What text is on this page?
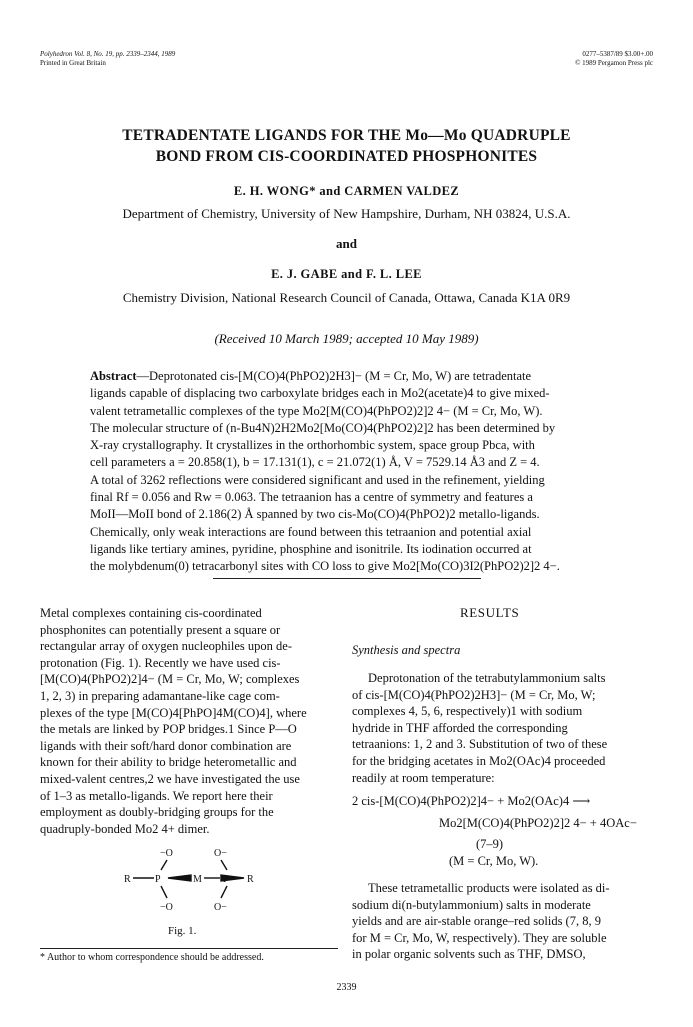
Polyhedron Vol. 8, No. 19, pp. 2339–2344, 1989
Printed in Great Britain
0277–5387/89 $3.00+.00
© 1989 Pergamon Press plc
TETRADENTATE LIGANDS FOR THE Mo—Mo QUADRUPLE
BOND FROM CIS-COORDINATED PHOSPHONITES
E. H. WONG* and CARMEN VALDEZ
Department of Chemistry, University of New Hampshire, Durham, NH 03824, U.S.A.
and
E. J. GABE and F. L. LEE
Chemistry Division, National Research Council of Canada, Ottawa, Canada K1A 0R9
(Received 10 March 1989; accepted 10 May 1989)
Abstract—Deprotonated cis-[M(CO)4(PhPO2)2H3]− (M = Cr, Mo, W) are tetradentate
ligands capable of displacing two carboxylate bridges each in Mo2(acetate)4 to give mixed-
valent tetrametallic complexes of the type Mo2[M(CO)4(PhPO2)2]2 4− (M = Cr, Mo, W).
The molecular structure of (n-Bu4N)2H2Mo2[Mo(CO)4(PhPO2)2]2 has been determined by
X-ray crystallography. It crystallizes in the orthorhombic system, space group Pbca, with
cell parameters a = 20.858(1), b = 17.131(1), c = 21.072(1) Å, V = 7529.14 Å3 and Z = 4.
A total of 3262 reflections were considered significant and used in the refinement, yielding
final Rf = 0.056 and Rw = 0.063. The tetraanion has a centre of symmetry and features a
MoII—MoII bond of 2.186(2) Å spanned by two cis-Mo(CO)4(PhPO2)2 metallo-ligands.
Chemically, only weak interactions are found between this tetraanion and potential axial
ligands like tertiary amines, pyridine, phosphine and isonitrile. Its iodination occurred at
the molybdenum(0) tetracarbonyl sites with CO loss to give Mo2[Mo(CO)3I2(PhPO2)2]2 4−.
Metal complexes containing cis-coordinated
phosphonites can potentially present a square or
rectangular array of oxygen nucleophiles upon de-
protonation (Fig. 1). Recently we have used cis-
[M(CO)4(PhPO2)2]4− (M = Cr, Mo, W; complexes
1, 2, 3) in preparing adamantane-like cage com-
plexes of the type [M(CO)4[PhPO]4M(CO)4], where
the metals are linked by POP bridges.1 Since P—O
ligands with their soft/hard donor combination are
known for their ability to bridge heterometallic and
mixed-valent centres,2 we have investigated the use
of 1–3 as metallo-ligands. We report here their
employment as doubly-bridging groups for the
quadruply-bonded Mo2 4+ dimer.
−O	O−
−O	O−
R P	M P R
Fig. 1.
* Author to whom correspondence should be addressed.
RESULTS
Synthesis and spectra
Deprotonation of the tetrabutylammonium salts
of cis-[M(CO)4(PhPO2)2H3]− (M = Cr, Mo, W;
complexes 4, 5, 6, respectively)1 with sodium
hydride in THF afforded the corresponding
tetraanions: 1, 2 and 3. Substitution of two of these
for the bridging acetates in Mo2(OAc)4 proceeded
readily at room temperature:
2 cis-[M(CO)4(PhPO2)2]4− + Mo2(OAc)4 ⟶
Mo2[M(CO)4(PhPO2)2]2 4− + 4OAc−
(7–9)
(M = Cr, Mo, W).
These tetrametallic products were isolated as di-
sodium di(n-butylammonium) salts in moderate
yields and are air-stable orange–red solids (7, 8, 9
for M = Cr, Mo, W, respectively). They are soluble
in polar organic solvents such as THF, DMSO,
2339
